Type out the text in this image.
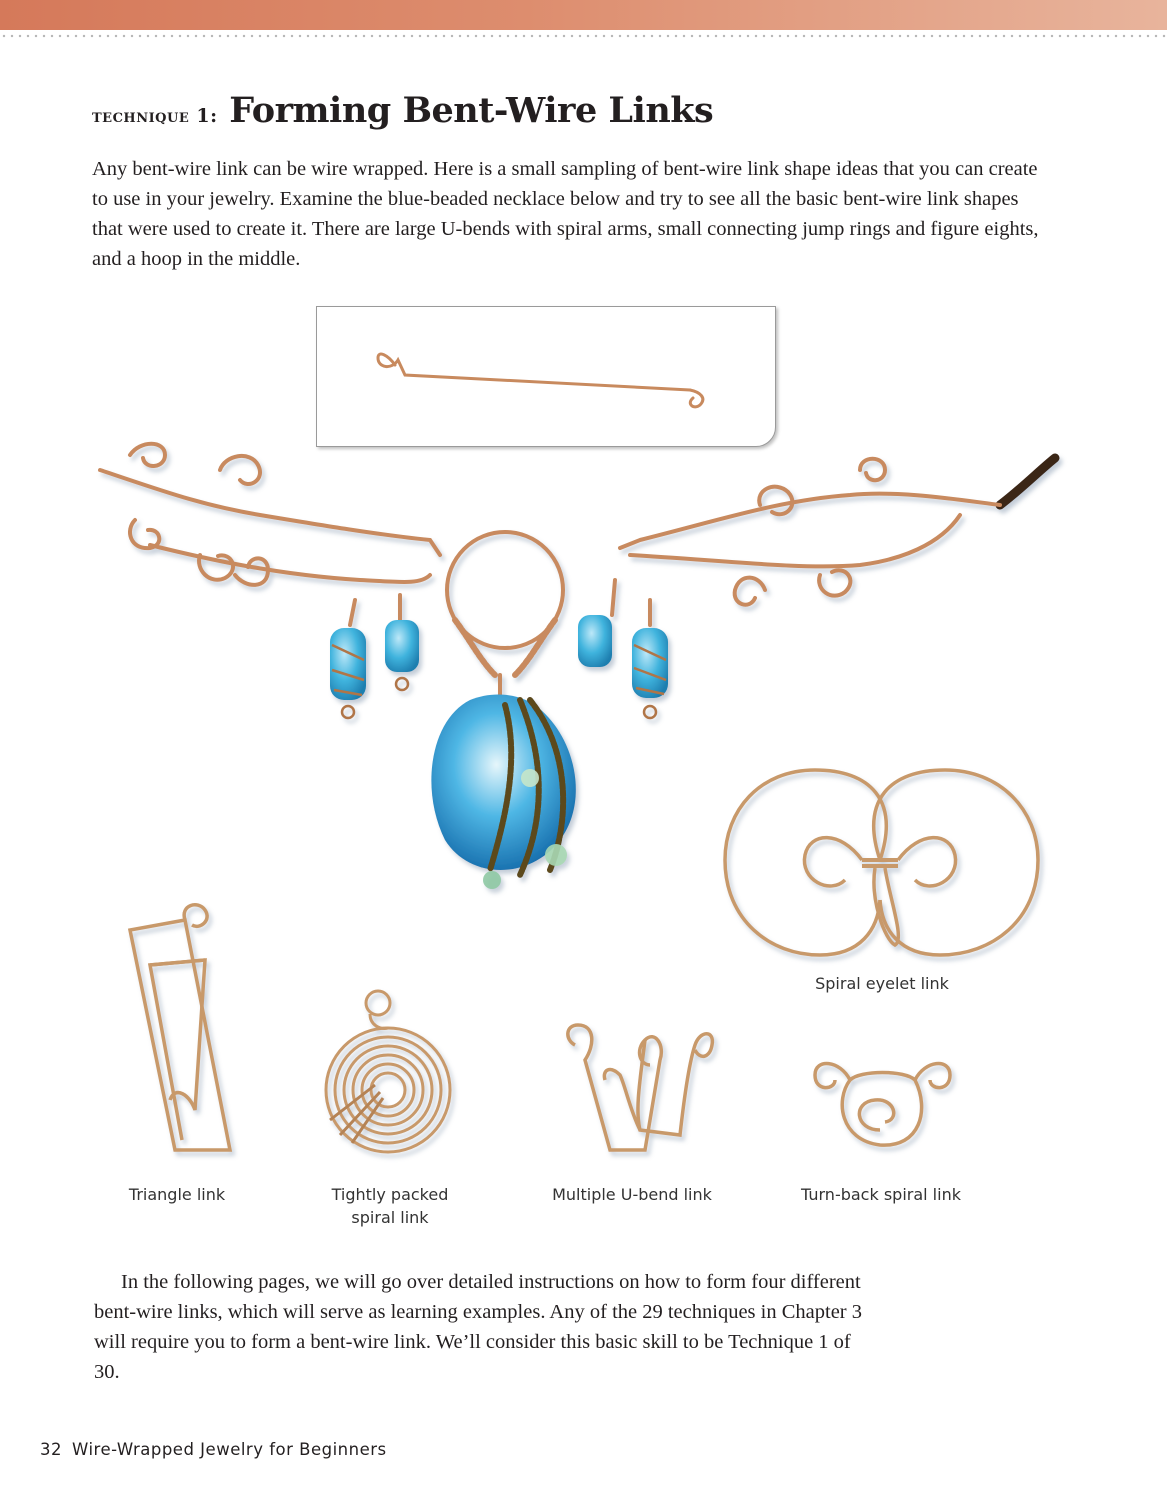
technique 1: Forming Bent-Wire Links

Any bent-wire link can be wire wrapped. Here is a small sampling of bent-wire link shape ideas that you can create to use in your jewelry. Examine the blue-beaded necklace below and try to see all the basic bent-wire link shapes that were used to create it. There are large U-bends with spiral arms, small connecting jump rings and figure eights, and a hoop in the middle.

Spiral eyelet link
Triangle link	Tightly packed spiral link
Multiple U-bend link	Turn-back spiral link

In the following pages, we will go over detailed instructions on how to form four different bent-wire links, which will serve as learning examples. Any of the 29 techniques in Chapter 3 will require you to form a bent-wire link. We’ll consider this basic skill to be Technique 1 of 30.

32 Wire-Wrapped Jewelry for Beginners
